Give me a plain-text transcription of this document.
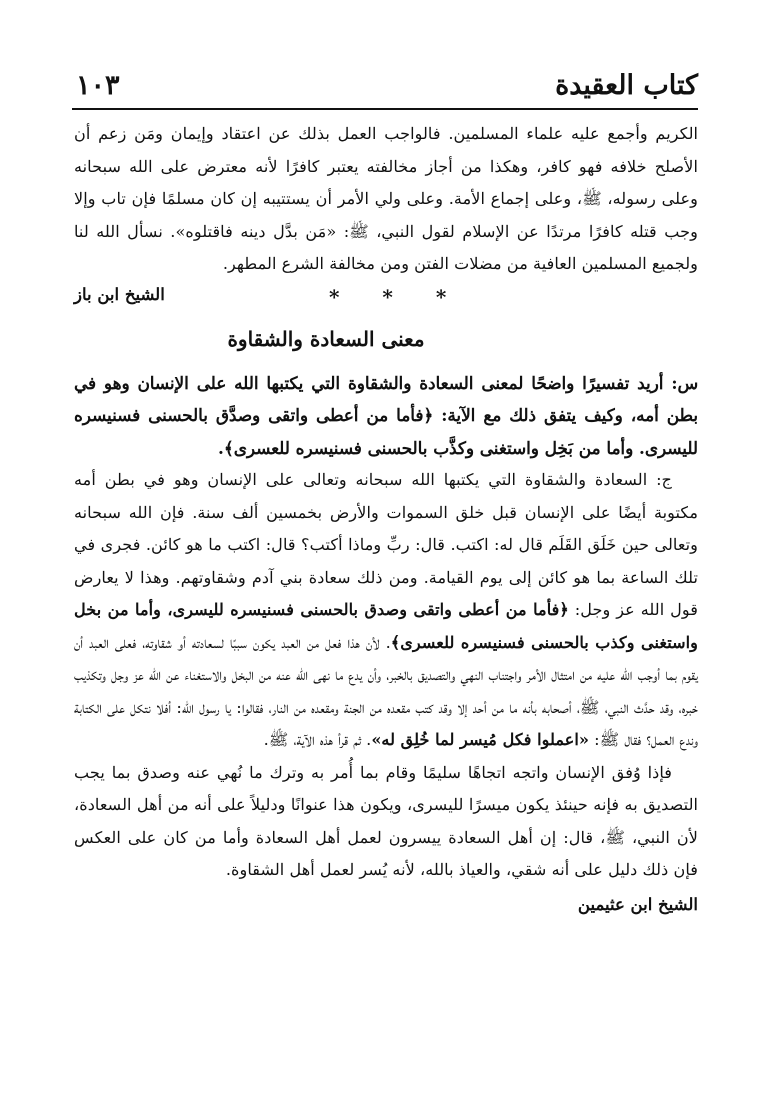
كتاب العقيدة
١٠٣

الكريم وأجمع عليه علماء المسلمين. فالواجب العمل بذلك عن اعتقاد وإيمان ومَن زعم أن الأصلح خلافه فهو كافر، وهكذا من أجاز مخالفته يعتبر كافرًا لأنه معترض على الله سبحانه وعلى رسوله، ﷺ، وعلى إجماع الأمة. وعلى ولي الأمر أن يستتيبه إن كان مسلمًا فإن تاب وإلا وجب قتله كافرًا مرتدًا عن الإسلام لقول النبي، ﷺ: «مَن بدَّل دينه فاقتلوه». نسأل الله لنا ولجميع المسلمين العافية من مضلات الفتن ومن مخالفة الشرع المطهر.

الشيخ ابن باز	* * *
معنى السعادة والشقاوة

س: أريد تفسيرًا واضحًا لمعنى السعادة والشقاوة التي يكتبها الله على الإنسان وهو في بطن أمه، وكيف يتفق ذلك مع الآية: ﴿فأما من أعطى واتقى وصدَّق بالحسنى فسنيسره لليسرى. وأما من بَخِل واستغنى وكذَّب بالحسنى فسنيسره للعسرى﴾.

ج: السعادة والشقاوة التي يكتبها الله سبحانه وتعالى على الإنسان وهو في بطن أمه مكتوبة أيضًا على الإنسان قبل خلق السموات والأرض بخمسين ألف سنة. فإن الله سبحانه وتعالى حين خَلَق القَلَم قال له: اكتب. قال: ربِّ وماذا أكتب؟ قال: اكتب ما هو كائن. فجرى في تلك الساعة بما هو كائن إلى يوم القيامة. ومن ذلك سعادة بني آدم وشقاوتهم. وهذا لا يعارض قول الله عز وجل: ﴿فأما من أعطى واتقى وصدق بالحسنى فسنيسره لليسرى، وأما من بخل واستغنى وكذب بالحسنى فسنيسره للعسرى﴾. لأن هذا فعل من العبد يكون سببًا لسعادته أو شقاوته، فعلى العبد أن يقوم بما أوجب الله عليه من امتثال الأمر واجتناب النهي والتصديق بالخبر، وأن يدع ما نهى الله عنه من البخل والاستغناء عن الله عز وجل وتكذيب خبره، وقد حدَّث النبي، ﷺ، أصحابه بأنه ما من أحد إلا وقد كتب مقعده من الجنة ومقعده من النار، فقالوا: يا رسول الله: أفلا نتكل على الكتابة وندع العمل؟ فقال ﷺ: «اعملوا فكل مُيسر لما خُلِق له». ثم قرأ هذه الآية، ﷺ.

فإذا وُفق الإنسان واتجه اتجاهًا سليمًا وقام بما أُمر به وترك ما نُهي عنه وصدق بما يجب التصديق به فإنه حينئذ يكون ميسرًا لليسرى، ويكون هذا عنوانًا ودليلاً على أنه من أهل السعادة، لأن النبي، ﷺ، قال: إن أهل السعادة ييسرون لعمل أهل السعادة وأما من كان على العكس فإن ذلك دليل على أنه شقي، والعياذ بالله، لأنه يُسر لعمل أهل الشقاوة.

الشيخ ابن عثيمين
